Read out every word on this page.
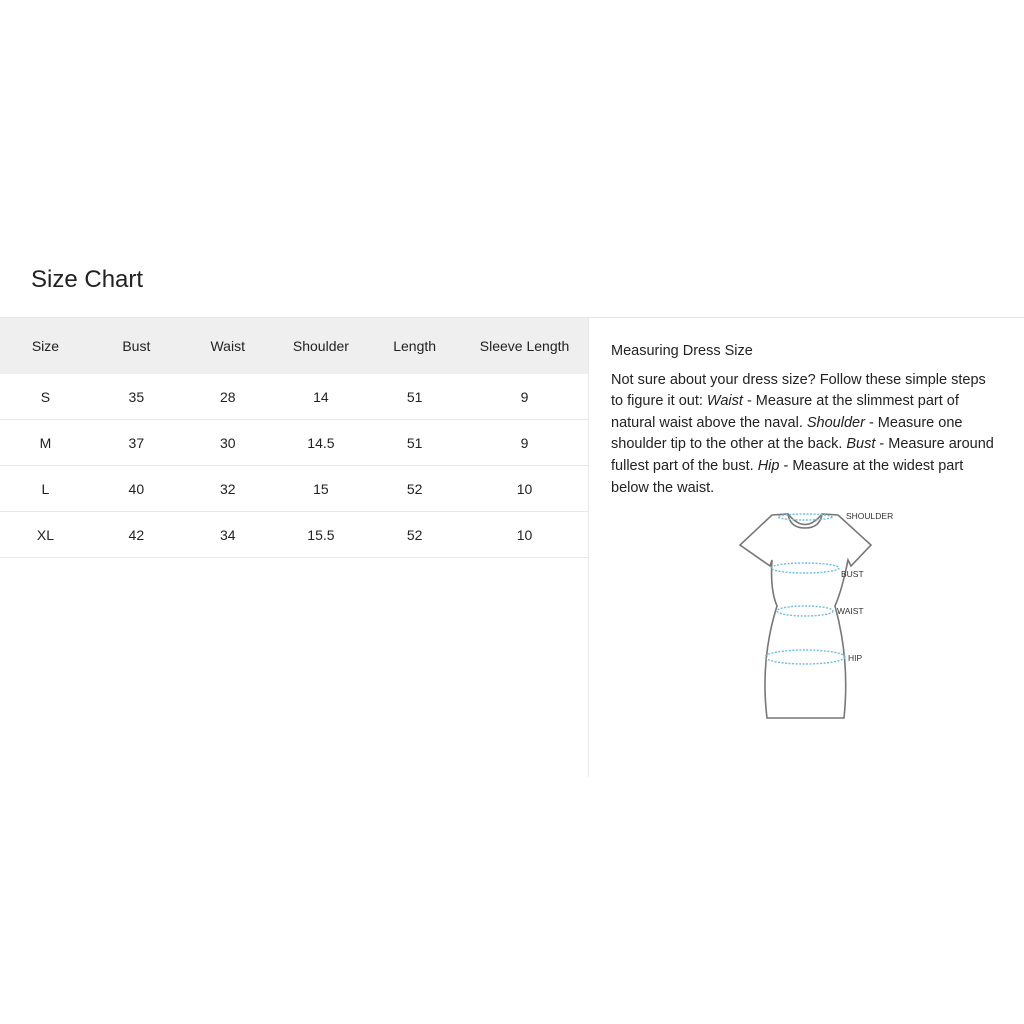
Size Chart
Size	Bust	Waist	Shoulder	Length	Sleeve Length
S	35	28	14	51	9
M	37	30	14.5	51	9
L	40	32	15	52	10
XL	42	34	15.5	52	10
Measuring Dress Size

Not sure about your dress size? Follow these simple steps to figure it out: Waist - Measure at the slimmest part of natural waist above the naval. Shoulder - Measure one shoulder tip to the other at the back. Bust - Measure around fullest part of the bust. Hip - Measure at the widest part below the waist.

SHOULDER
BUST
WAIST
HIP
